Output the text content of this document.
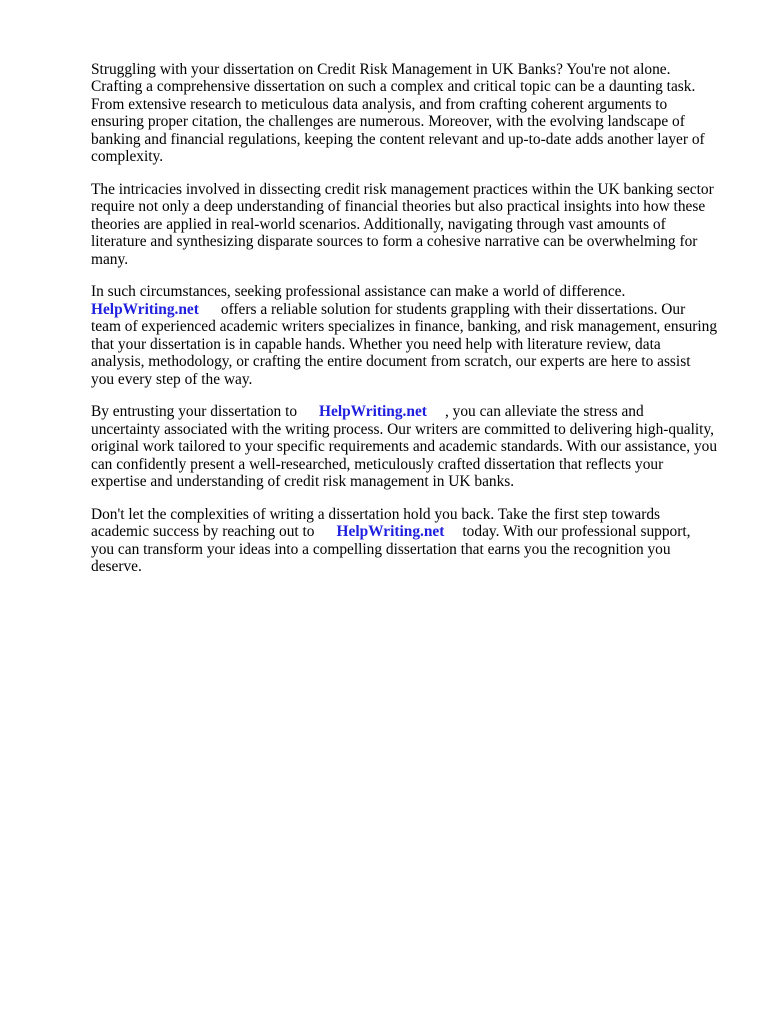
Struggling with your dissertation on Credit Risk Management in UK Banks? You're not alone.
Crafting a comprehensive dissertation on such a complex and critical topic can be a daunting task.
From extensive research to meticulous data analysis, and from crafting coherent arguments to
ensuring proper citation, the challenges are numerous. Moreover, with the evolving landscape of
banking and financial regulations, keeping the content relevant and up-to-date adds another layer of
complexity.

The intricacies involved in dissecting credit risk management practices within the UK banking sector
require not only a deep understanding of financial theories but also practical insights into how these
theories are applied in real-world scenarios. Additionally, navigating through vast amounts of
literature and synthesizing disparate sources to form a cohesive narrative can be overwhelming for
many.

In such circumstances, seeking professional assistance can make a world of difference.
HelpWriting.net offers a reliable solution for students grappling with their dissertations. Our
team of experienced academic writers specializes in finance, banking, and risk management, ensuring
that your dissertation is in capable hands. Whether you need help with literature review, data
analysis, methodology, or crafting the entire document from scratch, our experts are here to assist
you every step of the way.

By entrusting your dissertation to HelpWriting.net , you can alleviate the stress and
uncertainty associated with the writing process. Our writers are committed to delivering high-quality,
original work tailored to your specific requirements and academic standards. With our assistance, you
can confidently present a well-researched, meticulously crafted dissertation that reflects your
expertise and understanding of credit risk management in UK banks.

Don't let the complexities of writing a dissertation hold you back. Take the first step towards
academic success by reaching out to HelpWriting.net today. With our professional support,
you can transform your ideas into a compelling dissertation that earns you the recognition you
deserve.
